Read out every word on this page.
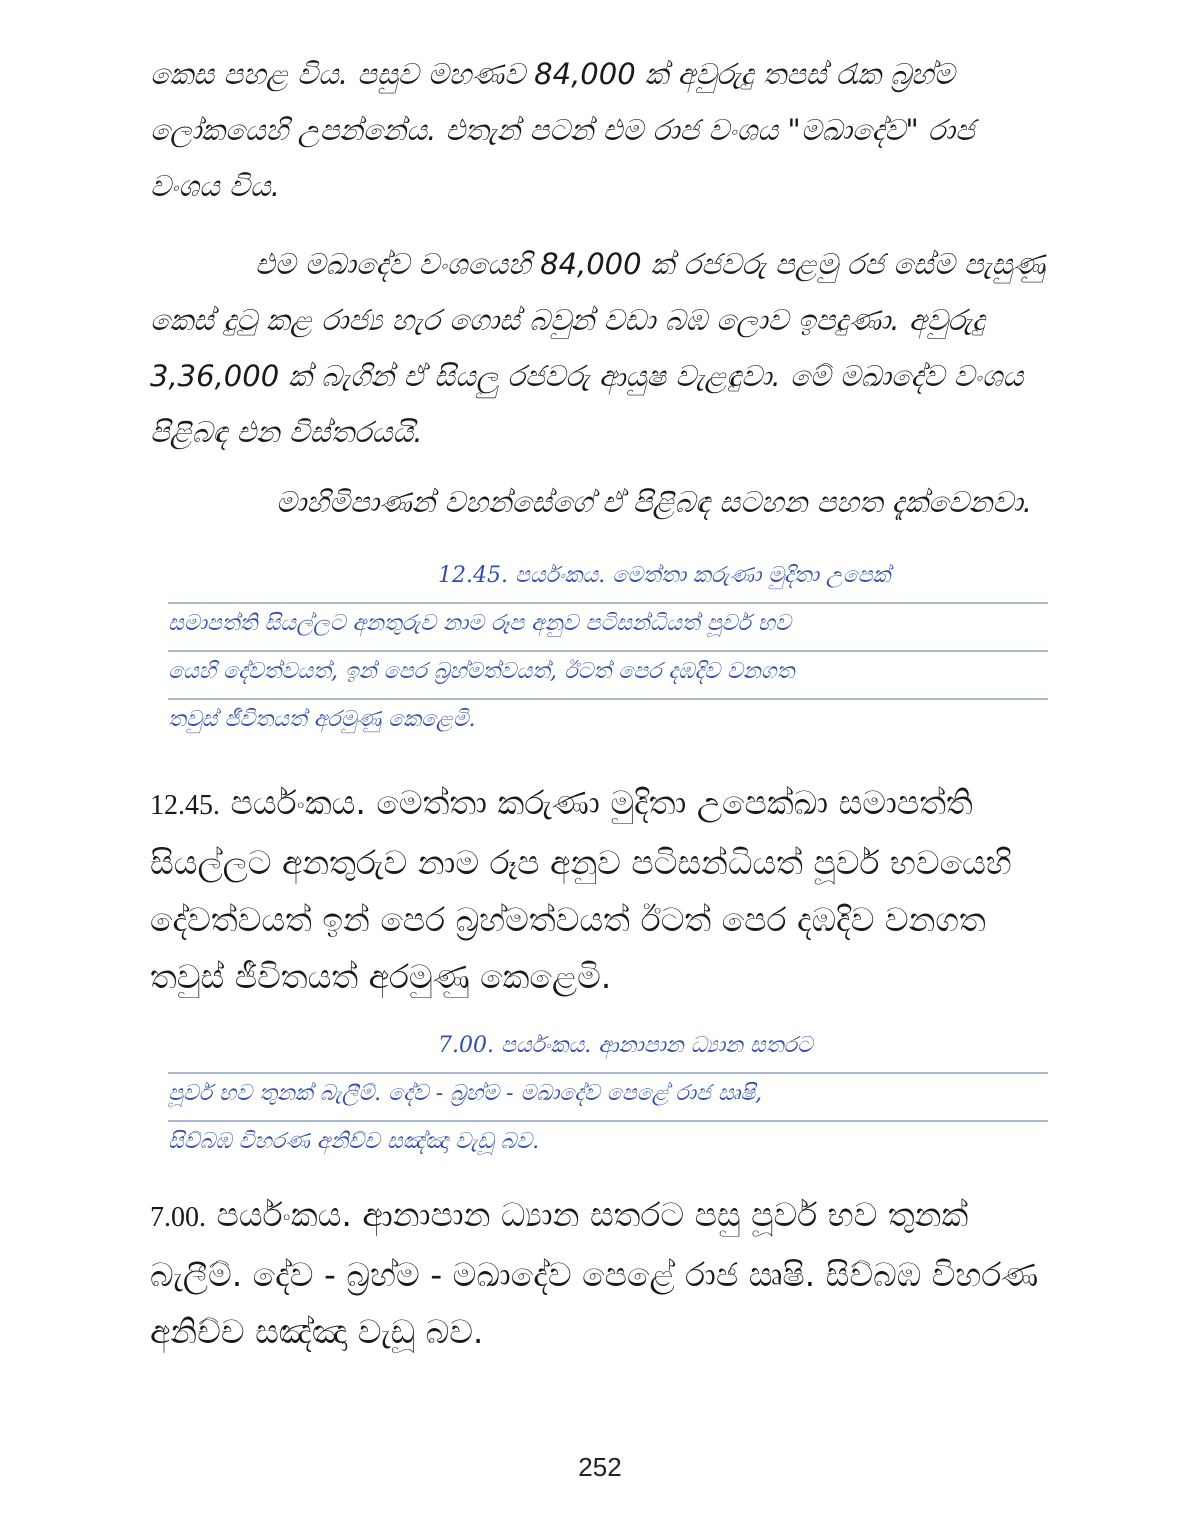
කෙස පහළ විය. පසුව මහණව 84,000 ක් අවුරුදු තපස් රැක බ්‍රහ්ම
ලෝකයෙහි උපන්නේය. එතැන් පටන් එම රාජ වංශය "මඛාදේව" රාජ
වංශය විය.

එම මඛාදේව වංශයෙහි 84,000 ක් රජවරු පළමු රජ සේම පැසුණු
කෙස් දුටු කළ රාජ්‍ය හැර ගොස් බවුන් වඩා බඹ ලොව ඉපදුණා. අවුරුදු
3,36,000 ක් බැගින් ඒ සියලු රජවරු ආයුෂ වැළඳුවා. මේ මඛාදේව වංශය
පිළිබඳ එන විස්තරයයි.

මාහිමිපාණන් වහන්සේගේ ඒ පිළිබඳ සටහන පහත දැක්වෙනවා.

12.45. පර්යංකය. මෙත්තා කරුණා මුදිතා උපෙක්
සමාපත්ති සියල්ලට අනතුරුව නාම රූප අනුව පටිසන්ධියත් පූර්ව භව
යෙහි දේවත්වයත්, ඉන් පෙර බ්‍රහ්මත්වයත්, ඊටත් පෙර දඹදිව වනගත
තවුස් ජීවිතයත් අරමුණු කෙළෙමි.
12.45. පර්යංකය. මෙත්තා කරුණා මුදිතා උපෙක්ඛා සමාපත්ති
සියල්ලට අනතුරුව නාම රූප අනුව පටිසන්ධියත් පූර්ව භවයෙහි
දේවත්වයත් ඉන් පෙර බ්‍රහ්මත්වයත් ඊටත් පෙර දඹදිව වනගත
තවුස් ජීවිතයත් අරමුණු කෙළෙමි.
7.00. පර්යංකය. ආනාපාන ධ්‍යාන සතරට
පූර්ව භව තුනක් බැලීම්. දේව - බ්‍රහ්ම - මඛාදේව පෙළේ රාජ ඍෂි,
සිව්බඹ විහරණ අනිච්ච සඤ්ඤා වැඩූ බව.
7.00. පර්යංකය. ආනාපාන ධ්‍යාන සතරට පසු පූර්ව භව තුනක්
බැලීම්. දේව - බ්‍රහ්ම - මඛාදේව පෙළේ රාජ ඍෂි. සිව්බඹ විහරණ
අනිච්ච සඤ්ඤා වැඩූ බව.
252
